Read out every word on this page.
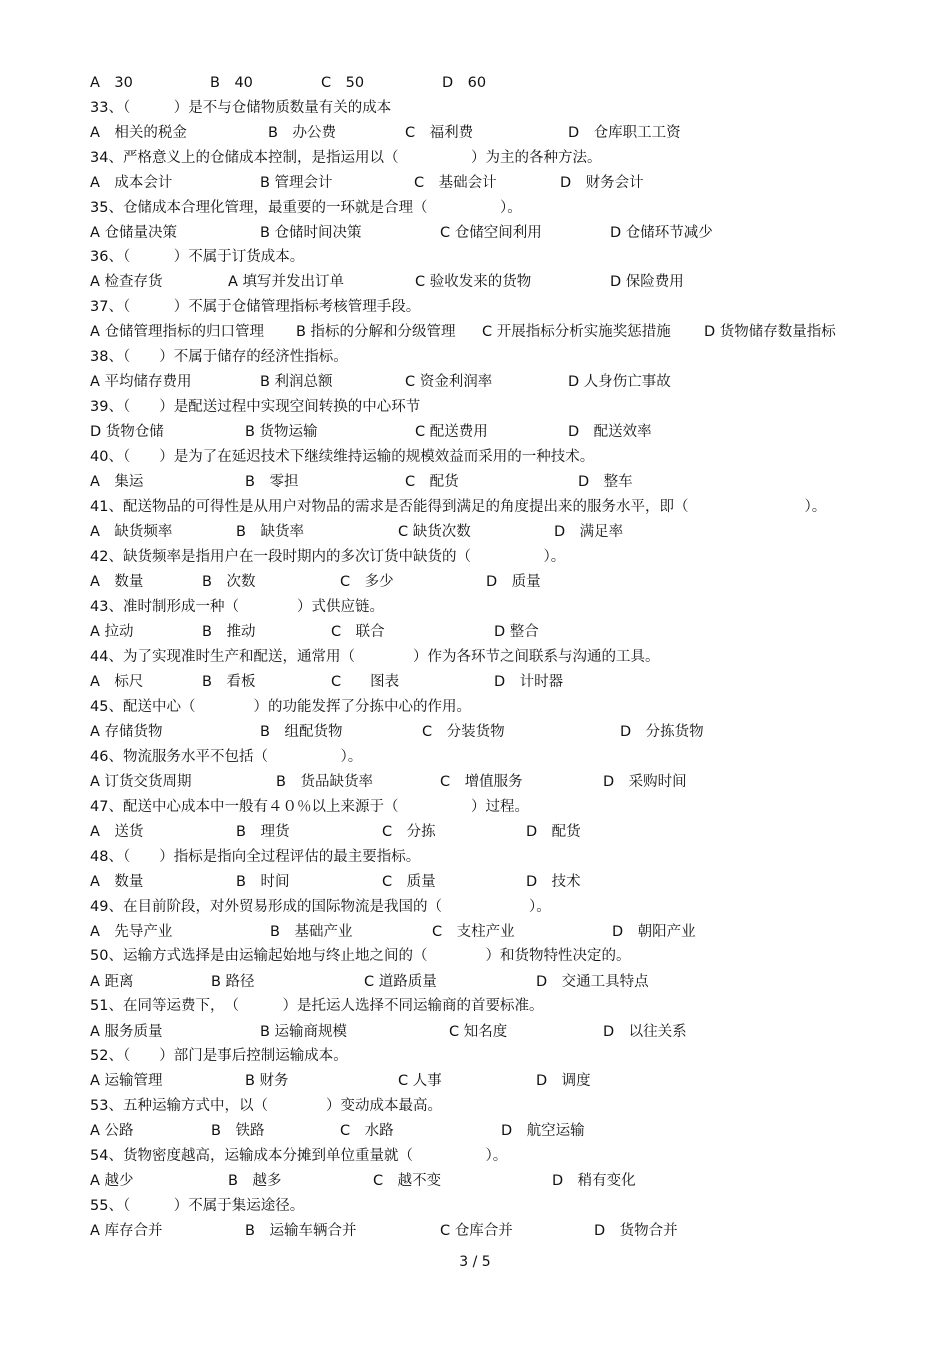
A　30	B　40	C　50	D　60
33、（　　　）是不与仓储物质数量有关的成本
A　相关的税金	B　办公费	C　福利费	D　仓库职工工资
34、严格意义上的仓储成本控制，是指运用以（　　　　　）为主的各种方法。
A　成本会计	B 管理会计	C　基础会计	D　财务会计
35、仓储成本合理化管理，最重要的一环就是合理（　　　　　）。
A 仓储量决策	B 仓储时间决策	C 仓储空间利用	D 仓储环节减少
36、（　　　）不属于订货成本。
A 检查存货	A 填写并发出订单	C 验收发来的货物	D 保险费用
37、（　　　）不属于仓储管理指标考核管理手段。
A 仓储管理指标的归口管理 B 指标的分解和分级管理 C 开展指标分析实施奖惩措施 D 货物储存数量指标
38、（　　）不属于储存的经济性指标。
A 平均储存费用	B 利润总额	C 资金利润率	D 人身伤亡事故
39、（　　）是配送过程中实现空间转换的中心环节
D 货物仓储	B 货物运输	C 配送费用	D　配送效率
40、（　　）是为了在延迟技术下继续维持运输的规模效益而采用的一种技术。
A　集运	B　零担	C　配货	D　整车
41、配送物品的可得性是从用户对物品的需求是否能得到满足的角度提出来的服务水平，即（　　　　　　　　）。
A　缺货频率	B　缺货率	C 缺货次数	D　满足率
42、缺货频率是指用户在一段时期内的多次订货中缺货的（　　　　　）。
A　数量	B　次数	C　多少	D　质量
43、准时制形成一种（　　　　）式供应链。
A 拉动	B　推动	C　联合	D 整合
44、为了实现准时生产和配送，通常用（　　　　）作为各环节之间联系与沟通的工具。
A　标尺	B　看板	C　　图表	D　计时器
45、配送中心（　　　　）的功能发挥了分拣中心的作用。
A 存储货物	B　组配货物	C　分装货物	D　分拣货物
46、物流服务水平不包括（　　　　　）。
A 订货交货周期	B　货品缺货率	C　增值服务	D　采购时间
47、配送中心成本中一般有４０％以上来源于（　　　　　）过程。
A　送货	B　理货	C　分拣	D　配货
48、（　　）指标是指向全过程评估的最主要指标。
A　数量	B　时间	C　质量	D　技术
49、在目前阶段，对外贸易形成的国际物流是我国的（　　　　　　）。
A　先导产业	B　基础产业	C　支柱产业	D　朝阳产业
50、运输方式选择是由运输起始地与终止地之间的（　　　　）和货物特性决定的。
A 距离	B 路径	C 道路质量	D　交通工具特点
51、在同等运费下，　（　　　）是托运人选择不同运输商的首要标准。
A 服务质量	B 运输商规模	C 知名度	D　以往关系
52、（　　）部门是事后控制运输成本。
A 运输管理	B 财务	C 人事	D　调度
53、五种运输方式中，以（　　　　）变动成本最高。
A 公路	B　铁路	C　水路	D　航空运输
54、货物密度越高，运输成本分摊到单位重量就（　　　　　）。
A 越少	B　越多	C　越不变	D　稍有变化
55、（　　　）不属于集运途径。
A 库存合并	B　运输车辆合并	C 仓库合并	D　货物合并
3 / 5
